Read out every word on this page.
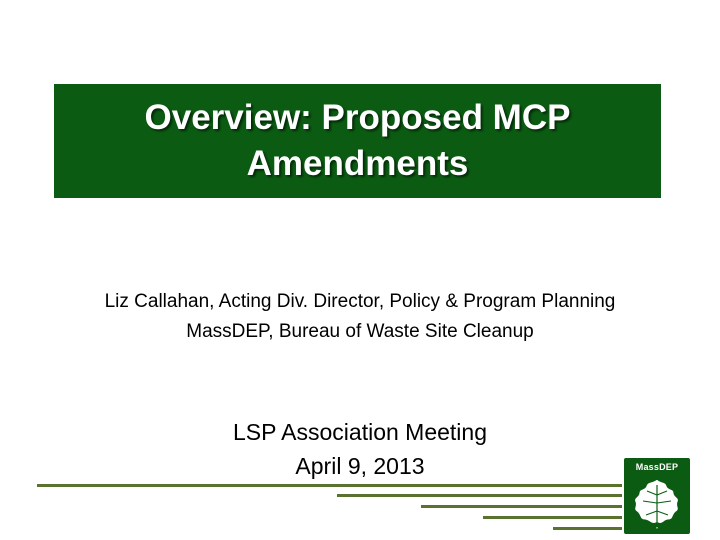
Overview: Proposed MCP
Amendments
Liz Callahan, Acting Div. Director, Policy & Program Planning
MassDEP, Bureau of Waste Site Cleanup
LSP Association Meeting
April 9, 2013	MassDEP
